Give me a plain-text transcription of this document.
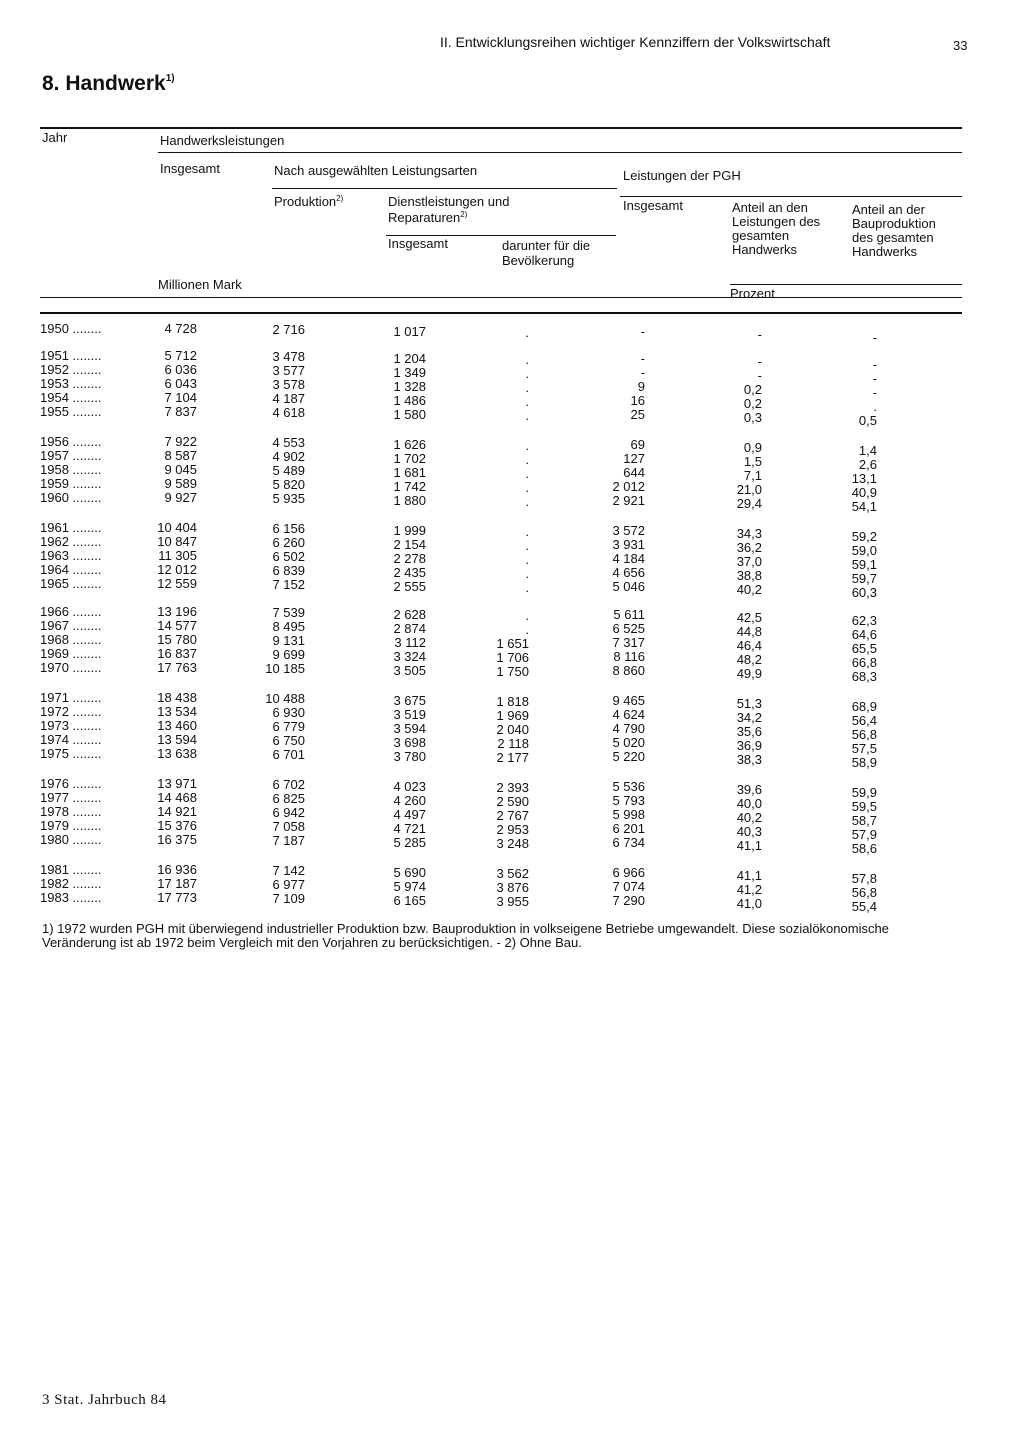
II. Entwicklungsreihen wichtiger Kennziffern der Volkswirtschaft	33
8. Handwerk$^{1)}$
Jahr	Handwerksleistungen
Insgesamt	Nach ausgewählten Leistungsarten
Produktion$^{2)}$	Dienstleistungen und
Reparaturen$^{2)}$
Insgesamt	darunter für die
Bevölkerung
Leistungen der PGH
Insgesamt	Anteil an den
Leistungen des
gesamten
Handwerks
Anteil an der
Bauproduktion
des gesamten
Handwerks
Millionen Mark
Prozent
1950 ........	4 728	2 716	1 017	.	-	-	-
1951 ........	5 712	3 478	1 204	.	-	-	-
1952 ........	6 036	3 577	1 349	.	-	-	-
1953 ........	6 043	3 578	1 328	.	9	0,2	-
1954 ........	7 104	4 187	1 486	.	16	0,2	.
1955 ........	7 837	4 618	1 580	.	25	0,3	0,5
1956 ........	7 922	4 553	1 626	.	69	0,9	1,4
1957 ........	8 587	4 902	1 702	.	127	1,5	2,6
1958 ........	9 045	5 489	1 681	.	644	7,1	13,1
1959 ........	9 589	5 820	1 742	.	2 012	21,0	40,9
1960 ........	9 927	5 935	1 880	.	2 921	29,4	54,1
1961 ........	10 404	6 156	1 999	.	3 572	34,3	59,2
1962 ........	10 847	6 260	2 154	.	3 931	36,2	59,0
1963 ........	11 305	6 502	2 278	.	4 184	37,0	59,1
1964 ........	12 012	6 839	2 435	.	4 656	38,8	59,7
1965 ........	12 559	7 152	2 555	.	5 046	40,2	60,3
1966 ........	13 196	7 539	2 628	.	5 611	42,5	62,3
1967 ........	14 577	8 495	2 874	.	6 525	44,8	64,6
1968 ........	15 780	9 131	3 112	1 651	7 317	46,4	65,5
1969 ........	16 837	9 699	3 324	1 706	8 116	48,2	66,8
1970 ........	17 763	10 185	3 505	1 750	8 860	49,9	68,3
1971 ........	18 438	10 488	3 675	1 818	9 465	51,3	68,9
1972 ........	13 534	6 930	3 519	1 969	4 624	34,2	56,4
1973 ........	13 460	6 779	3 594	2 040	4 790	35,6	56,8
1974 ........	13 594	6 750	3 698	2 118	5 020	36,9	57,5
1975 ........	13 638	6 701	3 780	2 177	5 220	38,3	58,9
1976 ........	13 971	6 702	4 023	2 393	5 536	39,6	59,9
1977 ........	14 468	6 825	4 260	2 590	5 793	40,0	59,5
1978 ........	14 921	6 942	4 497	2 767	5 998	40,2	58,7
1979 ........	15 376	7 058	4 721	2 953	6 201	40,3	57,9
1980 ........	16 375	7 187	5 285	3 248	6 734	41,1	58,6
1981 ........	16 936	7 142	5 690	3 562	6 966	41,1	57,8
1982 ........	17 187	6 977	5 974	3 876	7 074	41,2	56,8
1983 ........	17 773	7 109	6 165	3 955	7 290	41,0	55,4
1) 1972 wurden PGH mit überwiegend industrieller Produktion bzw. Bauproduktion in volkseigene Betriebe umgewandelt. Diese sozialökonomische Veränderung ist ab 1972 beim Vergleich mit den Vorjahren zu berücksichtigen. - 2) Ohne Bau.
3 Stat. Jahrbuch 84
